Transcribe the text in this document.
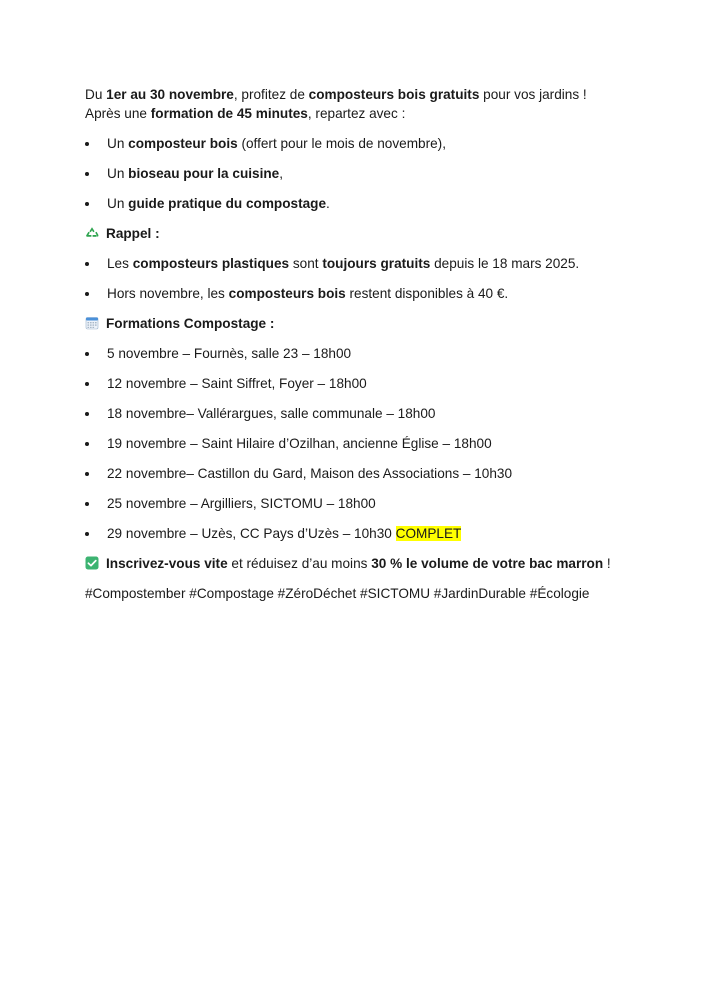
Du 1er au 30 novembre, profitez de composteurs bois gratuits pour vos jardins !
Après une formation de 45 minutes, repartez avec :
Un composteur bois (offert pour le mois de novembre),
Un bioseau pour la cuisine,
Un guide pratique du compostage.
Rappel :
Les composteurs plastiques sont toujours gratuits depuis le 18 mars 2025.
Hors novembre, les composteurs bois restent disponibles à 40 €.
Formations Compostage :
5 novembre – Fournès, salle 23 – 18h00
12 novembre – Saint Siffret, Foyer – 18h00
18 novembre– Vallérargues, salle communale – 18h00
19 novembre – Saint Hilaire d’Ozilhan, ancienne Église – 18h00
22 novembre– Castillon du Gard, Maison des Associations – 10h30
25 novembre – Argilliers, SICTOMU – 18h00
29 novembre – Uzès, CC Pays d’Uzès – 10h30 COMPLET
Inscrivez-vous vite et réduisez d’au moins 30 % le volume de votre bac marron !
#Compostember #Compostage #ZéroDéchet #SICTOMU #JardinDurable #Écologie
